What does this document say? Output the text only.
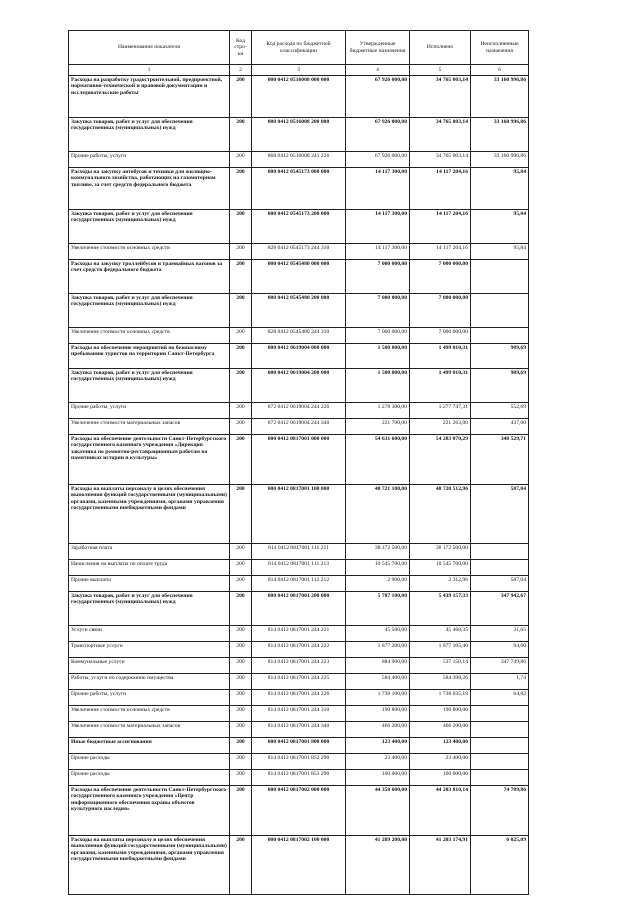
Наименование показателя	Код стро-ки	Код расхода по бюджетной классификации	Утвержденные бюджетные назначения	Исполнено	Неисполненные назначения
1	2	3	4	5	6
Расходы на разработку градостроительной, предпроектной, нормативно-технической и правовой документации и исследовательские работы	200	000 0412 0516008 000 000	67 926 000,00	34 765 003,14	33 160 996,86
Закупка товаров, работ и услуг для обеспечения государственных (муниципальных) нужд	200	000 0412 0516008 200 000	67 926 000,00	34 765 003,14	33 160 996,86
Прочие работы, услуги	200	868 0412 0516008 241 226	67 926 000,00	34 765 003,14	33 160 996,86
Расходы на закупку автобусов и техники для жилищно-коммунального хозяйства, работающих на газомоторном топливе, за счет средств федерального бюджета	200	000 0412 0545173 000 000	14 117 300,00	14 117 204,16	95,84
Закупка товаров, работ и услуг для обеспечения государственных (муниципальных) нужд	200	000 0412 0545173 200 000	14 117 300,00	14 117 204,16	95,84
Увеличение стоимости основных средств	200	828 0412 0545173 244 310	14 117 300,00	14 117 204,16	95,84
Расходы на закупку троллейбусов и трамвайных вагонов за счет средств федерального бюджета	200	000 0412 0545480 000 000	7 000 000,00	7 000 000,00	
Закупка товаров, работ и услуг для обеспечения государственных (муниципальных) нужд	200	000 0412 0545480 200 000	7 000 000,00	7 000 000,00	
Увеличение стоимости основных средств	200	828 0412 0545480 244 310	7 000 000,00	7 000 000,00	
Расходы на обеспечение мероприятий по безопасному пребыванию туристов на территории Санкт-Петербурга	200	000 0412 0619004 000 000	1 500 000,00	1 499 010,31	989,69
Закупка товаров, работ и услуг для обеспечения государственных (муниципальных) нужд	200	000 0412 0619004 200 000	1 500 000,00	1 499 010,31	989,69
Прочие работы, услуги	200	872 0412 0619004 244 226	1 278 300,00	1 277 747,31	552,69
Увеличение стоимости материальных запасов	200	872 0412 0619004 244 340	221 700,00	221 263,00	437,00
Расходы на обеспечение деятельности Санкт-Петербургского государственного казенного учреждения «Дирекция заказчика по ремонтно-реставрационным работам на памятниках истории и культуры»	200	000 0412 0817001 000 000	54 631 600,00	54 283 070,29	348 529,71
Расходы на выплаты персоналу в целях обеспечения выполнения функций государственными (муниципальными) органами, казенными учреждениями, органами управления государственными внебюджетными фондами	200	000 0412 0817001 100 000	48 721 100,00	48 720 512,96	587,04
Заработная плата	200	814 0412 0817001 111 211	38 172 500,00	38 172 500,00	
Начисления на выплаты по оплате труда	200	814 0412 0817001 111 213	10 545 700,00	10 545 700,00	
Прочие выплаты	200	814 0412 0817001 112 212	2 900,00	2 312,96	587,04
Закупка товаров, работ и услуг для обеспечения государственных (муниципальных) нужд	200	000 0412 0817001 200 000	5 787 100,00	5 439 157,33	347 942,67
Услуги связи	200	814 0412 0817001 244 221	45 500,00	45 468,35	31,65
Транспортные услуги	200	814 0412 0817001 244 222	1 877 200,00	1 877 105,40	94,60
Коммунальные услуги	200	814 0412 0817001 244 223	884 900,00	537 150,14	347 749,86
Работы, услуги по содержанию имущества	200	814 0412 0817001 244 225	584 400,00	584 398,26	1,74
Прочие работы, услуги	200	814 0412 0817001 244 226	1 738 100,00	1 738 035,18	64,82
Увеличение стоимости основных средств	200	814 0412 0817001 244 310	190 800,00	190 800,00	
Увеличение стоимости материальных запасов	200	814 0412 0817001 244 340	466 200,00	466 200,00	
Иные бюджетные ассигнования	200	000 0412 0817001 800 000	123 400,00	123 400,00	
Прочие расходы	200	814 0412 0817001 852 290	23 400,00	23 400,00	
Прочие расходы	200	814 0412 0817001 853 290	100 000,00	100 000,00	
Расходы на обеспечение деятельности Санкт-Петербургского государственного казенного учреждения «Центр информационного обеспечения охраны объектов культурного наследия»	200	000 0412 0817002 000 000	44 358 600,00	44 283 810,14	74 789,86
Расходы на выплаты персоналу в целях обеспечения выполнения функций государственными (муниципальными) органами, казенными учреждениями, органами управления государственными внебюджетными фондами	200	000 0412 0817002 100 000	41 209 200,00	41 203 174,91	6 025,09
